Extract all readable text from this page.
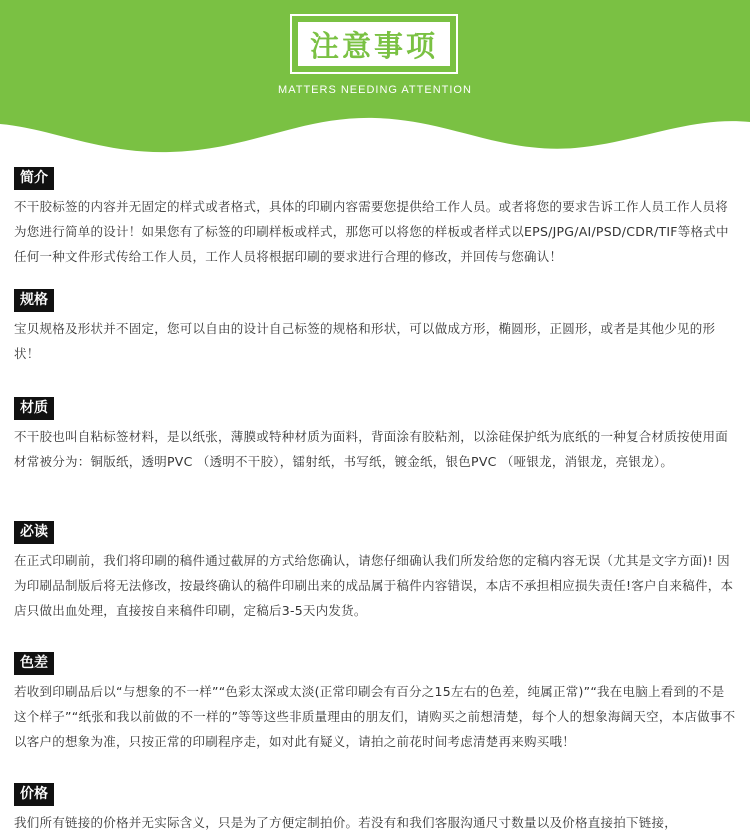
注意事项
MATTERS NEEDING ATTENTION
简介
不干胶标签的内容并无固定的样式或者格式，具体的印刷内容需要您提供给工作人员。或者将您的要求告诉工作人员工作人员将为您进行简单的设计！如果您有了标签的印刷样板或样式，那您可以将您的样板或者样式以EPS/JPG/AI/PSD/CDR/TIF等格式中任何一种文件形式传给工作人员，工作人员将根据印刷的要求进行合理的修改，并回传与您确认！
规格
宝贝规格及形状并不固定，您可以自由的设计自己标签的规格和形状，可以做成方形，椭圆形，正圆形，或者是其他少见的形状！
材质
不干胶也叫自粘标签材料，是以纸张，薄膜或特种材质为面料，背面涂有胶粘剂，以涂硅保护纸为底纸的一种复合材质按使用面材常被分为：铜版纸，透明PVC （透明不干胶），镭射纸，书写纸，镀金纸，银色PVC （哑银龙，消银龙，亮银龙）。
必读
在正式印刷前，我们将印刷的稿件通过截屏的方式给您确认，请您仔细确认我们所发给您的定稿内容无误（尤其是文字方面)! 因为印刷品制版后将无法修改，按最终确认的稿件印刷出来的成品属于稿件内容错误，本店不承担相应损失责任!客户自来稿件，本店只做出血处理，直接按自来稿件印刷，定稿后3-5天内发货。
色差
若收到印刷品后以“与想象的不一样”“色彩太深或太淡(正常印刷会有百分之15左右的色差，纯属正常)”“我在电脑上看到的不是这个样子”“纸张和我以前做的不一样的”等等这些非质量理由的朋友们，请购买之前想清楚，每个人的想象海阔天空，本店做事不以客户的想象为准，只按正常的印刷程序走，如对此有疑义，请拍之前花时间考虑清楚再来购买哦！
价格
我们所有链接的价格并无实际含义，只是为了方便定制拍价。若没有和我们客服沟通尺寸数量以及价格直接拍下链接，
